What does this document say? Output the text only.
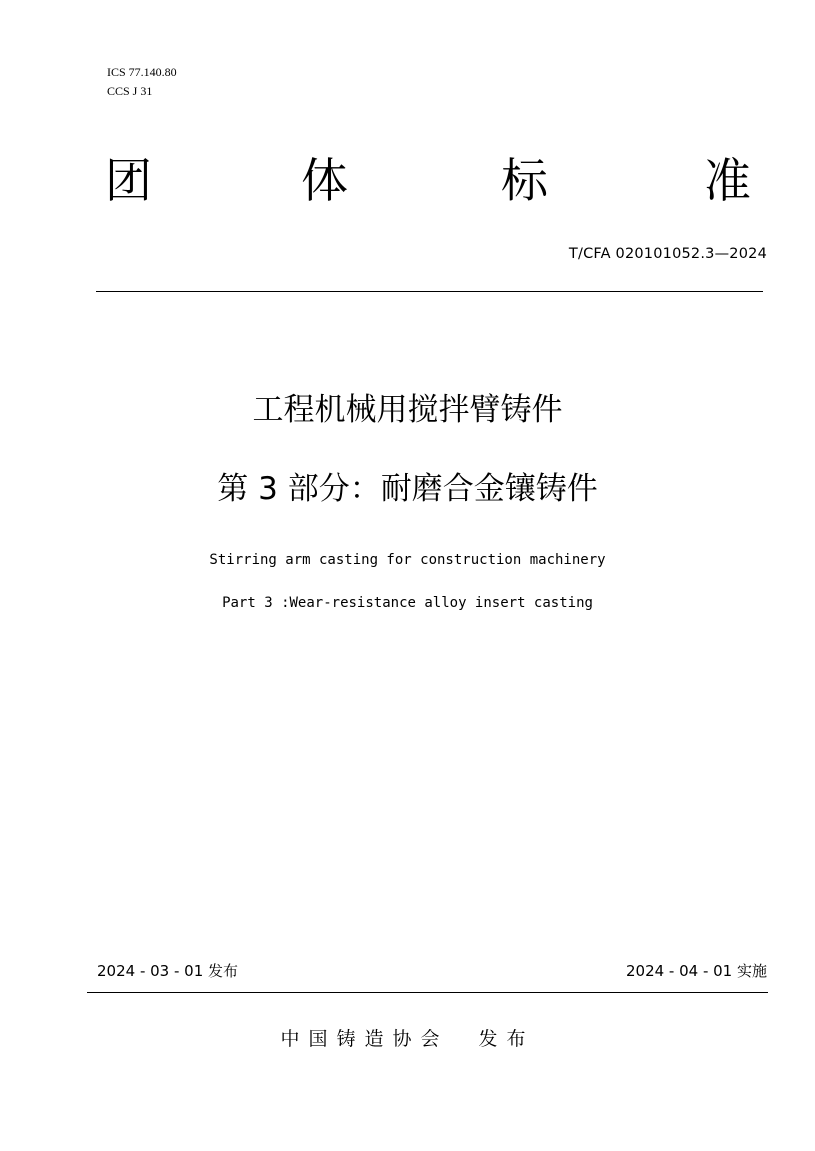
ICS 77.140.80
CCS J 31
团	体	标	准
T/CFA 020101052.3—2024
工程机械用搅拌臂铸件
第 3 部分：耐磨合金镶铸件
Stirring arm casting for construction machinery
Part 3 :Wear-resistance alloy insert casting
2024 - 03 - 01 发布	2024 - 04 - 01 实施
中国铸造协会  发布
